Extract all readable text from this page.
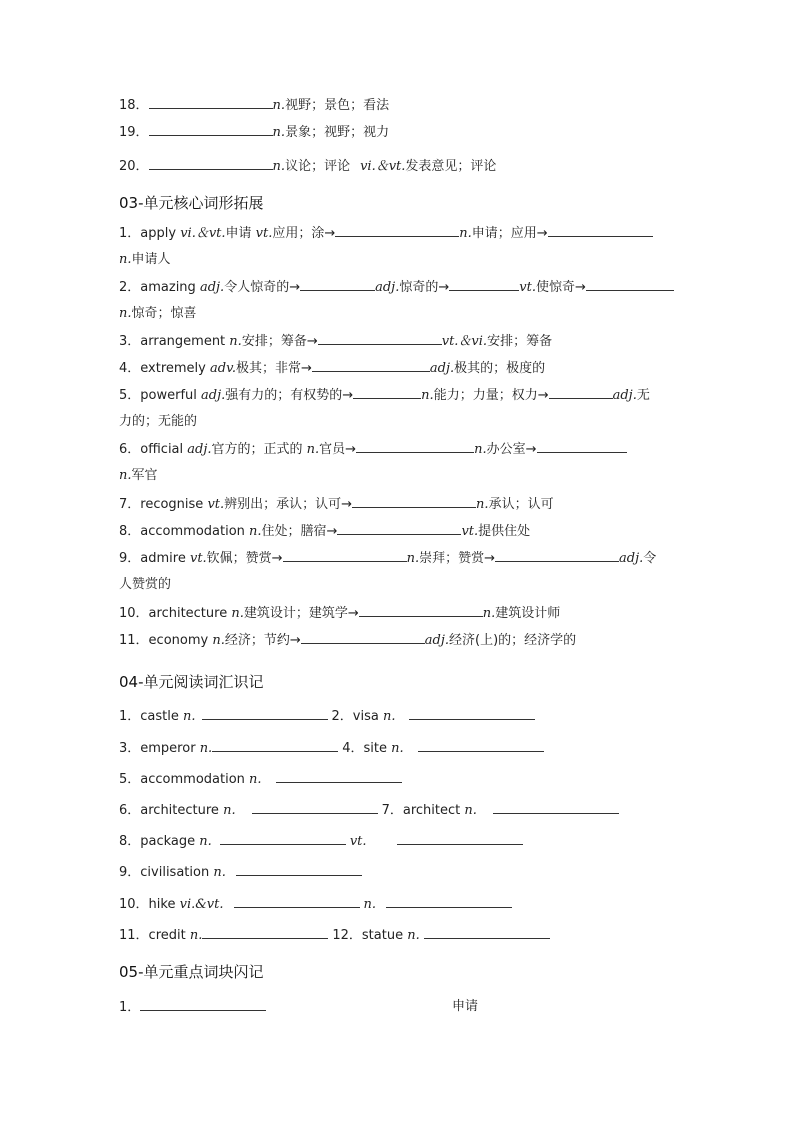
18．	n.视野；景色；看法
19．	n.景象；视野；视力
20．	n.议论；评论 vi.＆vt.发表意见；评论
03-单元核心词形拓展
1．apply vi.＆vt.申请 vt.应用；涂→	n.申请；应用→
n.申请人
2．amazing adj.令人惊奇的→	adj.惊奇的→	vt.使惊奇→
n.惊奇；惊喜
3．arrangement n.安排；筹备→	vt.＆vi.安排；筹备
4．extremely adv.极其；非常→	adj.极其的；极度的
5．powerful adj.强有力的；有权势的→	n.能力；力量；权力→	adj.无
力的；无能的
6．official adj.官方的；正式的 n.官员→	n.办公室→
n.军官
7．recognise vt.辨别出；承认；认可→	n.承认；认可
8．accommodation n.住处；膳宿→	vt.提供住处
9．admire vt.钦佩；赞赏→	n.崇拜；赞赏→	adj.令
人赞赏的
10．architecture n.建筑设计；建筑学→	n.建筑设计师
11．economy n.经济；节约→	adj.经济(上)的；经济学的
04-单元阅读词汇识记
1．castle n.	2．visa n.
3．emperor n.	4．site n.
5．accommodation n.
6．architecture n.	7．architect n.
8．package n.	vt.
9．civilisation n.
10．hike vi.&vt.	n.
11．credit n.	12．statue n.
05-单元重点词块闪记
1．	申请
